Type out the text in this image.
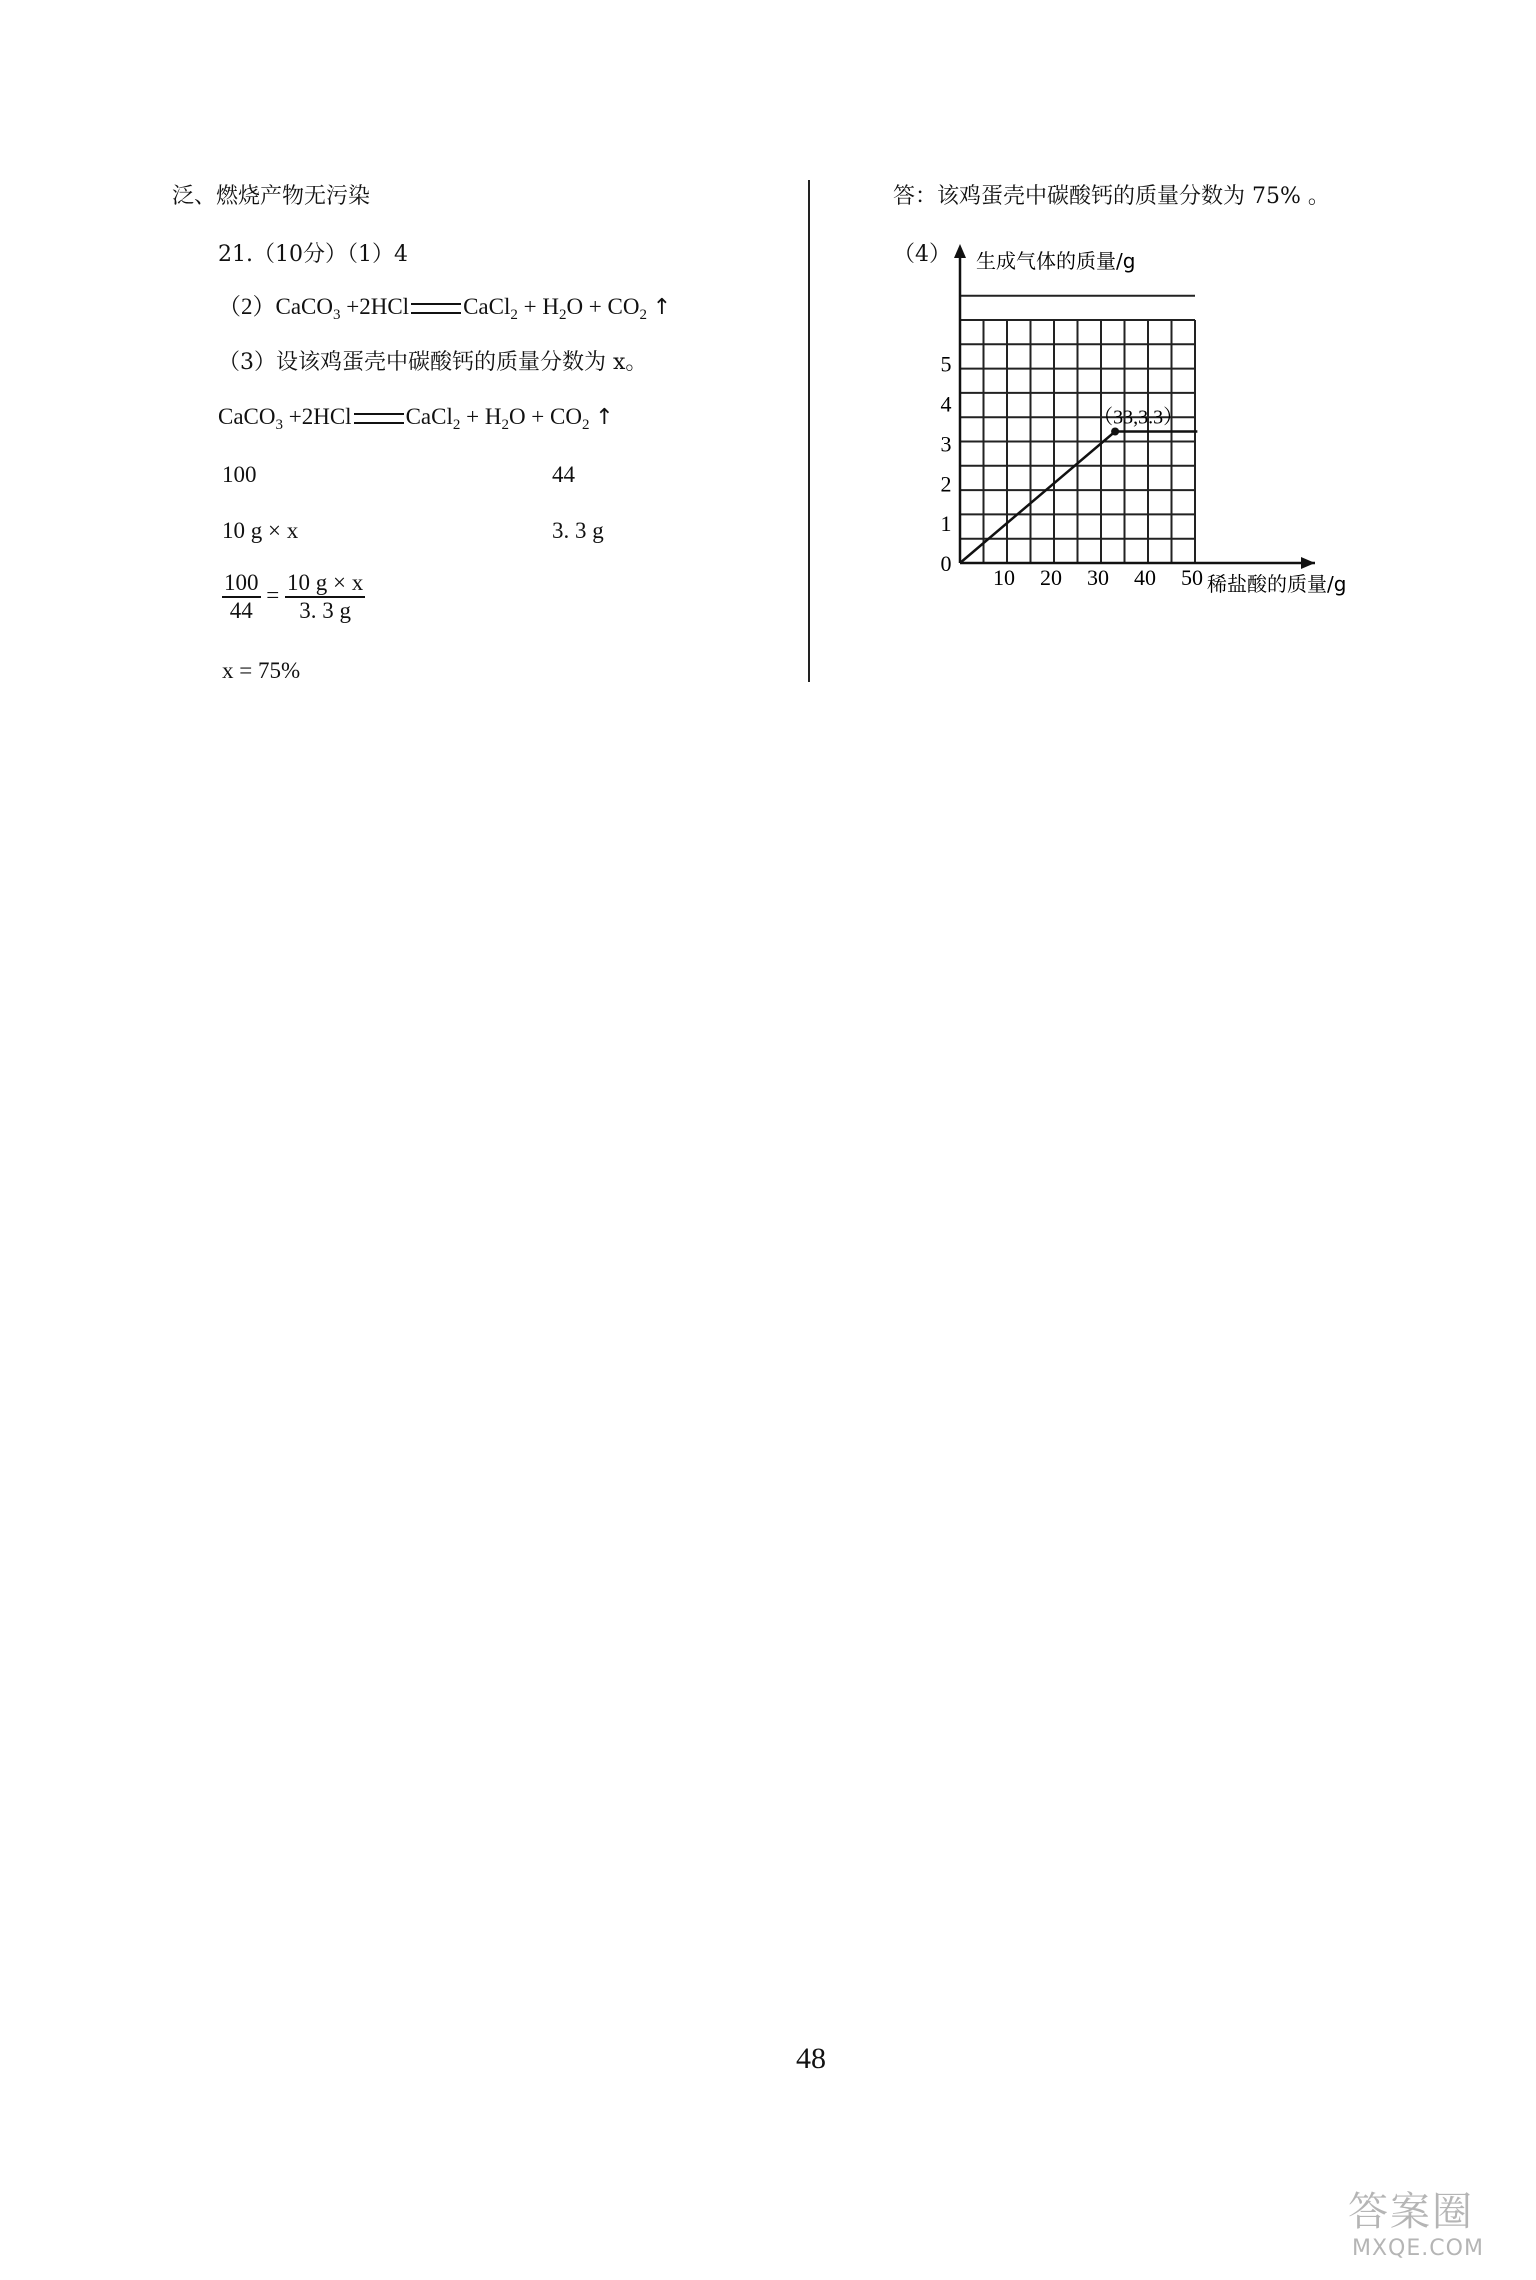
泛、燃烧产物无污染
21.（10分）（1）4
（2）CaCO$_3$ +2HCl CaCl$_2$ + $H_2O + CO_2$ ↑
（3）设该鸡蛋壳中碳酸钙的质量分数为 x。
CaCO$_3$ +2HCl CaCl$_2$ + $H_2O + CO_2$ ↑
100	44
10 g × x	3. 3 g
$\frac{100}{44} = \frac{10 g \times x}{3. 3 g}$
x = 75%
答：该鸡蛋壳中碳酸钙的质量分数为 75% 。
（4）
0
10 20 30 40 50
1
2
3
4
5
生成气体的质量/g
稀盐酸的质量/g
（33,3.3）
48
答案圈
MXQE.COM
